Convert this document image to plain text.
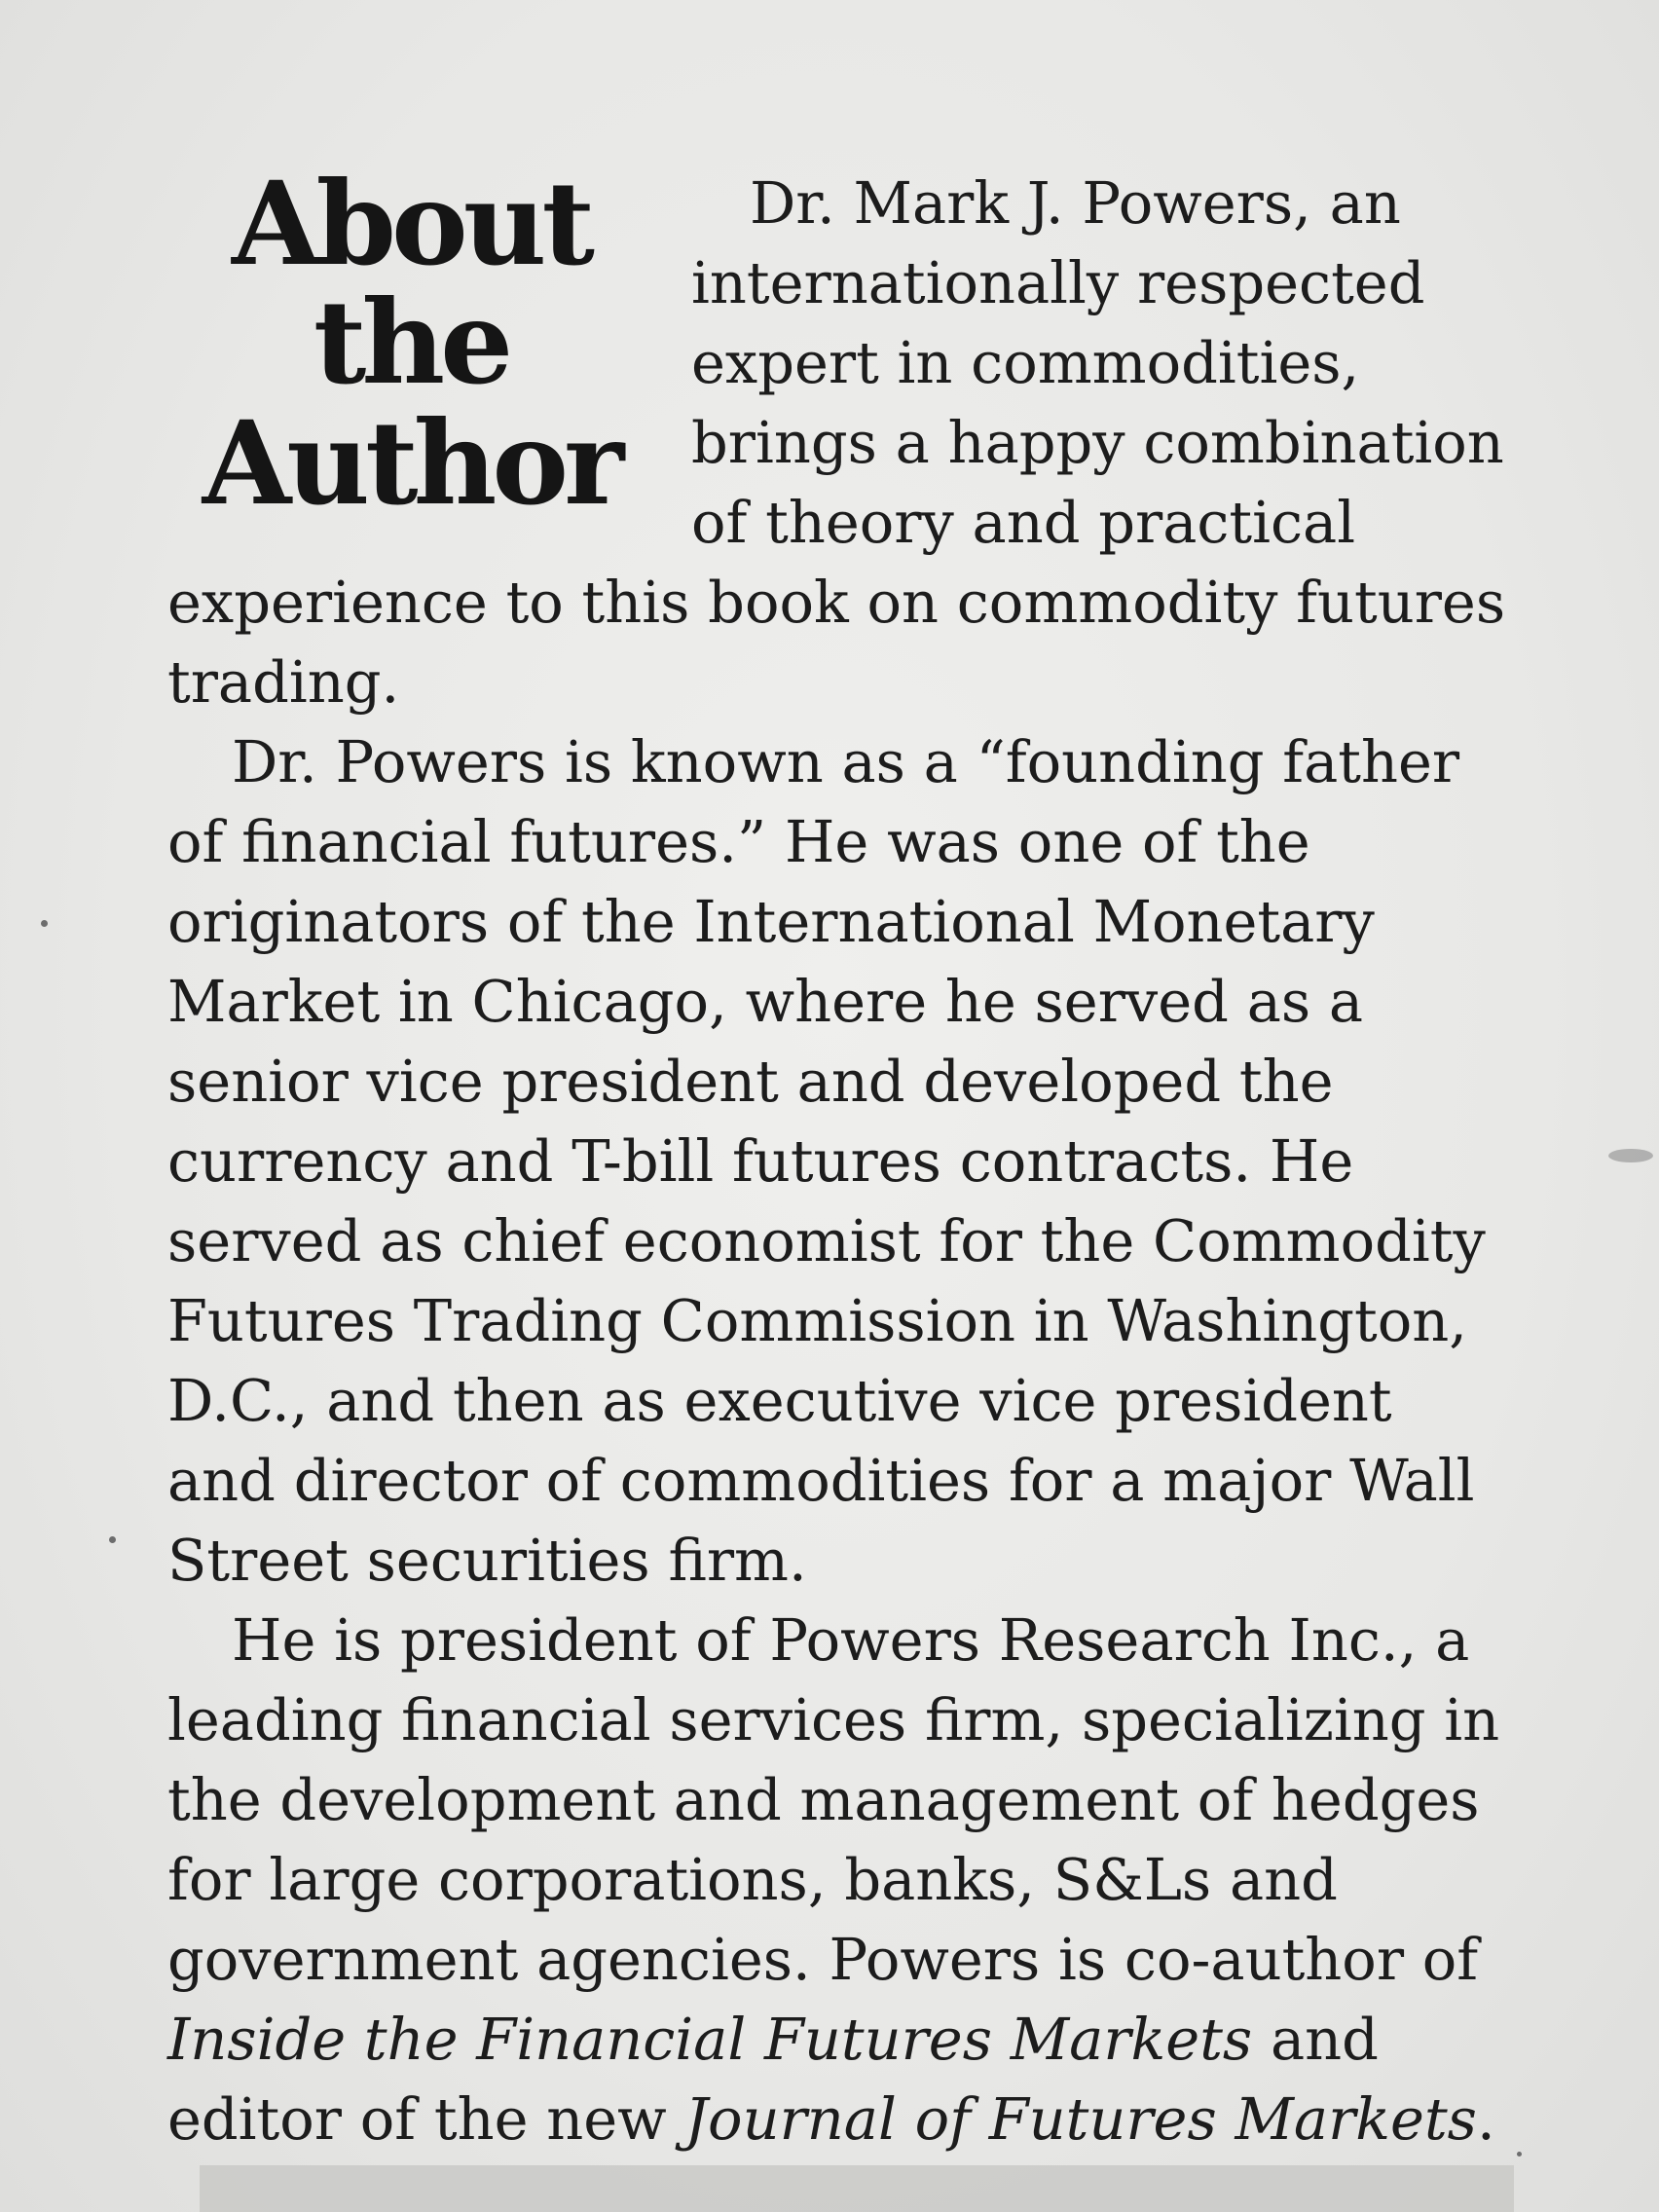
About
the
Author

Dr. Mark J. Powers, an
internationally respected
expert in commodities,
brings a happy combination
of theory and practical
experience to this book on commodity futures
trading.

Dr. Powers is known as a “founding father
of financial futures.” He was one of the
originators of the International Monetary
Market in Chicago, where he served as a
senior vice president and developed the
currency and T-bill futures contracts. He
served as chief economist for the Commodity
Futures Trading Commission in Washington,
D.C., and then as executive vice president
and director of commodities for a major Wall
Street securities firm.

He is president of Powers Research Inc., a
leading financial services firm, specializing in
the development and management of hedges
for large corporations, banks, S&Ls and
government agencies. Powers is co-author of
Inside the Financial Futures Markets and
editor of the new Journal of Futures Markets.
